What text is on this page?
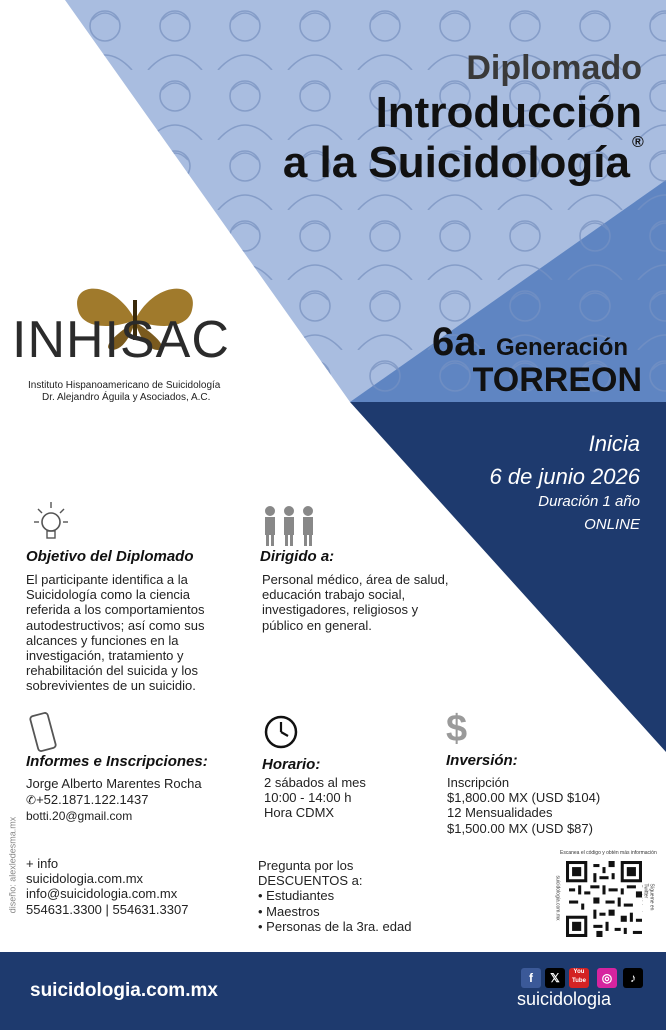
Diplomado
Introducción
a la Suicidología ®
INHISAC
Instituto Hispanoamericano de Suicidología
Dr. Alejandro Águila y Asociados, A.C.
6a. Generación
TORREON
Inicia
6 de junio 2026
Duración 1 año
ONLINE
Objetivo del Diplomado
El participante identifica a la
Suicidología como la ciencia
referida a los comportamientos
autodestructivos; así como sus
alcances y funciones en la
investigación, tratamiento y
rehabilitación del suicida y los
sobrevivientes de un suicidio.
Dirigido a:
Personal médico, área de salud,
educación trabajo social,
investigadores, religiosos y
público en general.
Informes e Inscripciones:
Jorge Alberto Marentes Rocha
✆+52.1871.122.1437
botti.20@gmail.com
Horario:
2 sábados al mes
10:00 - 14:00 h
Hora CDMX
$
Inversión:
Inscripción
$1,800.00 MX (USD $104)
12 Mensualidades
$1,500.00 MX (USD $87)
+ info
suicidologia.com.mx
info@suicidologia.com.mx
554631.3300 | 554631.3307
Pregunta por los
DESCUENTOS a:
• Estudiantes
• Maestros
• Personas de la 3ra. edad
Escanea el código y obtén más información
Sígueme en Twitter
suicidologia.com.mx
diseño: alexledesma.mx
suicidologia.com.mx
f	𝕏	You Tube	◎	♪
suicidologia
